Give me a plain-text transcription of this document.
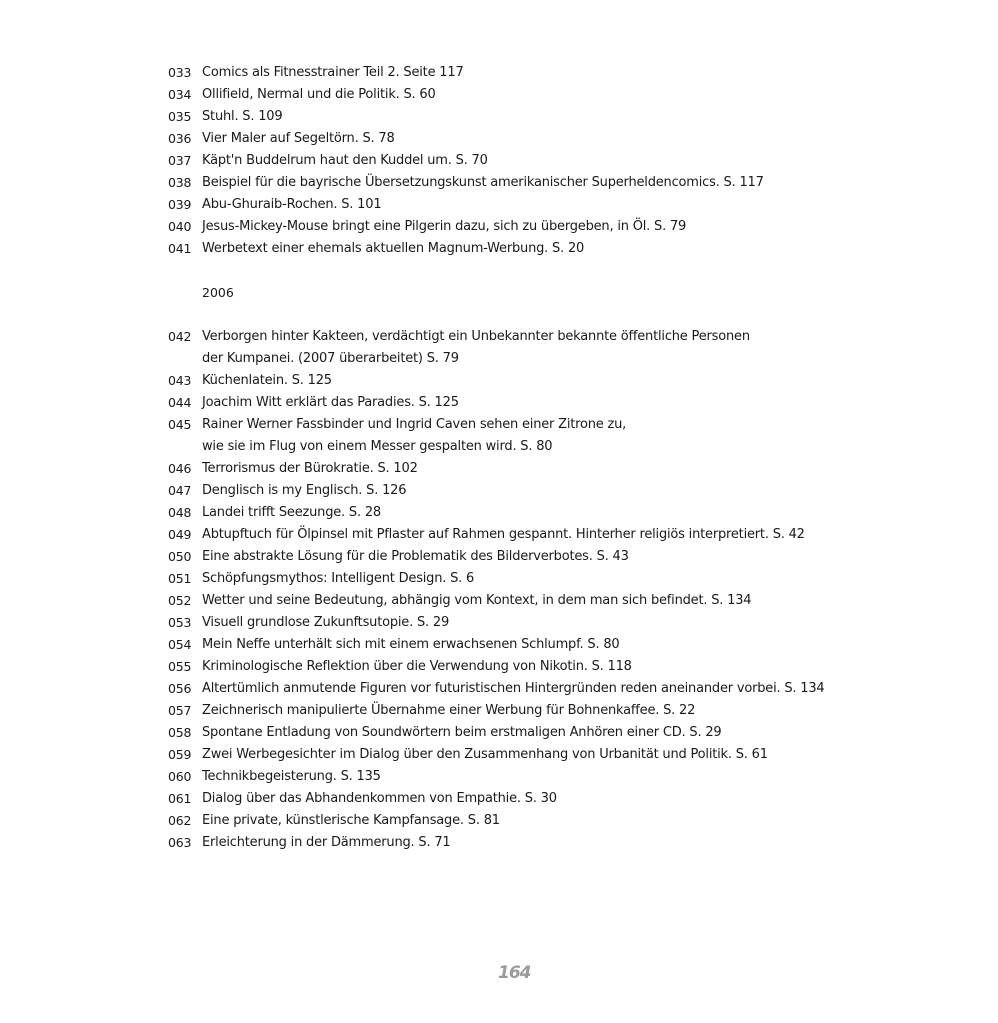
033 Comics als Fitnesstrainer Teil 2. Seite 117
034 Ollifield, Nermal und die Politik. S. 60
035 Stuhl. S. 109
036 Vier Maler auf Segeltörn. S. 78
037 Käpt'n Buddelrum haut den Kuddel um. S. 70
038 Beispiel für die bayrische Übersetzungskunst amerikanischer Superheldencomics. S. 117
039 Abu-Ghuraib-Rochen. S. 101
040 Jesus-Mickey-Mouse bringt eine Pilgerin dazu, sich zu übergeben, in Öl. S. 79
041 Werbetext einer ehemals aktuellen Magnum-Werbung. S. 20
2006
042 Verborgen hinter Kakteen, verdächtigt ein Unbekannter bekannte öffentliche Personen
der Kumpanei. (2007 überarbeitet) S. 79
043 Küchenlatein. S. 125
044 Joachim Witt erklärt das Paradies. S. 125
045 Rainer Werner Fassbinder und Ingrid Caven sehen einer Zitrone zu,
wie sie im Flug von einem Messer gespalten wird. S. 80
046 Terrorismus der Bürokratie. S. 102
047 Denglisch is my Englisch. S. 126
048 Landei trifft Seezunge. S. 28
049 Abtupftuch für Ölpinsel mit Pflaster auf Rahmen gespannt. Hinterher religiös interpretiert. S. 42
050 Eine abstrakte Lösung für die Problematik des Bilderverbotes. S. 43
051 Schöpfungsmythos: Intelligent Design. S. 6
052 Wetter und seine Bedeutung, abhängig vom Kontext, in dem man sich befindet. S. 134
053 Visuell grundlose Zukunftsutopie. S. 29
054 Mein Neffe unterhält sich mit einem erwachsenen Schlumpf. S. 80
055 Kriminologische Reflektion über die Verwendung von Nikotin. S. 118
056 Altertümlich anmutende Figuren vor futuristischen Hintergründen reden aneinander vorbei. S. 134
057 Zeichnerisch manipulierte Übernahme einer Werbung für Bohnenkaffee. S. 22
058 Spontane Entladung von Soundwörtern beim erstmaligen Anhören einer CD. S. 29
059 Zwei Werbegesichter im Dialog über den Zusammenhang von Urbanität und Politik. S. 61
060 Technikbegeisterung. S. 135
061 Dialog über das Abhandenkommen von Empathie. S. 30
062 Eine private, künstlerische Kampfansage. S. 81
063 Erleichterung in der Dämmerung. S. 71
164
